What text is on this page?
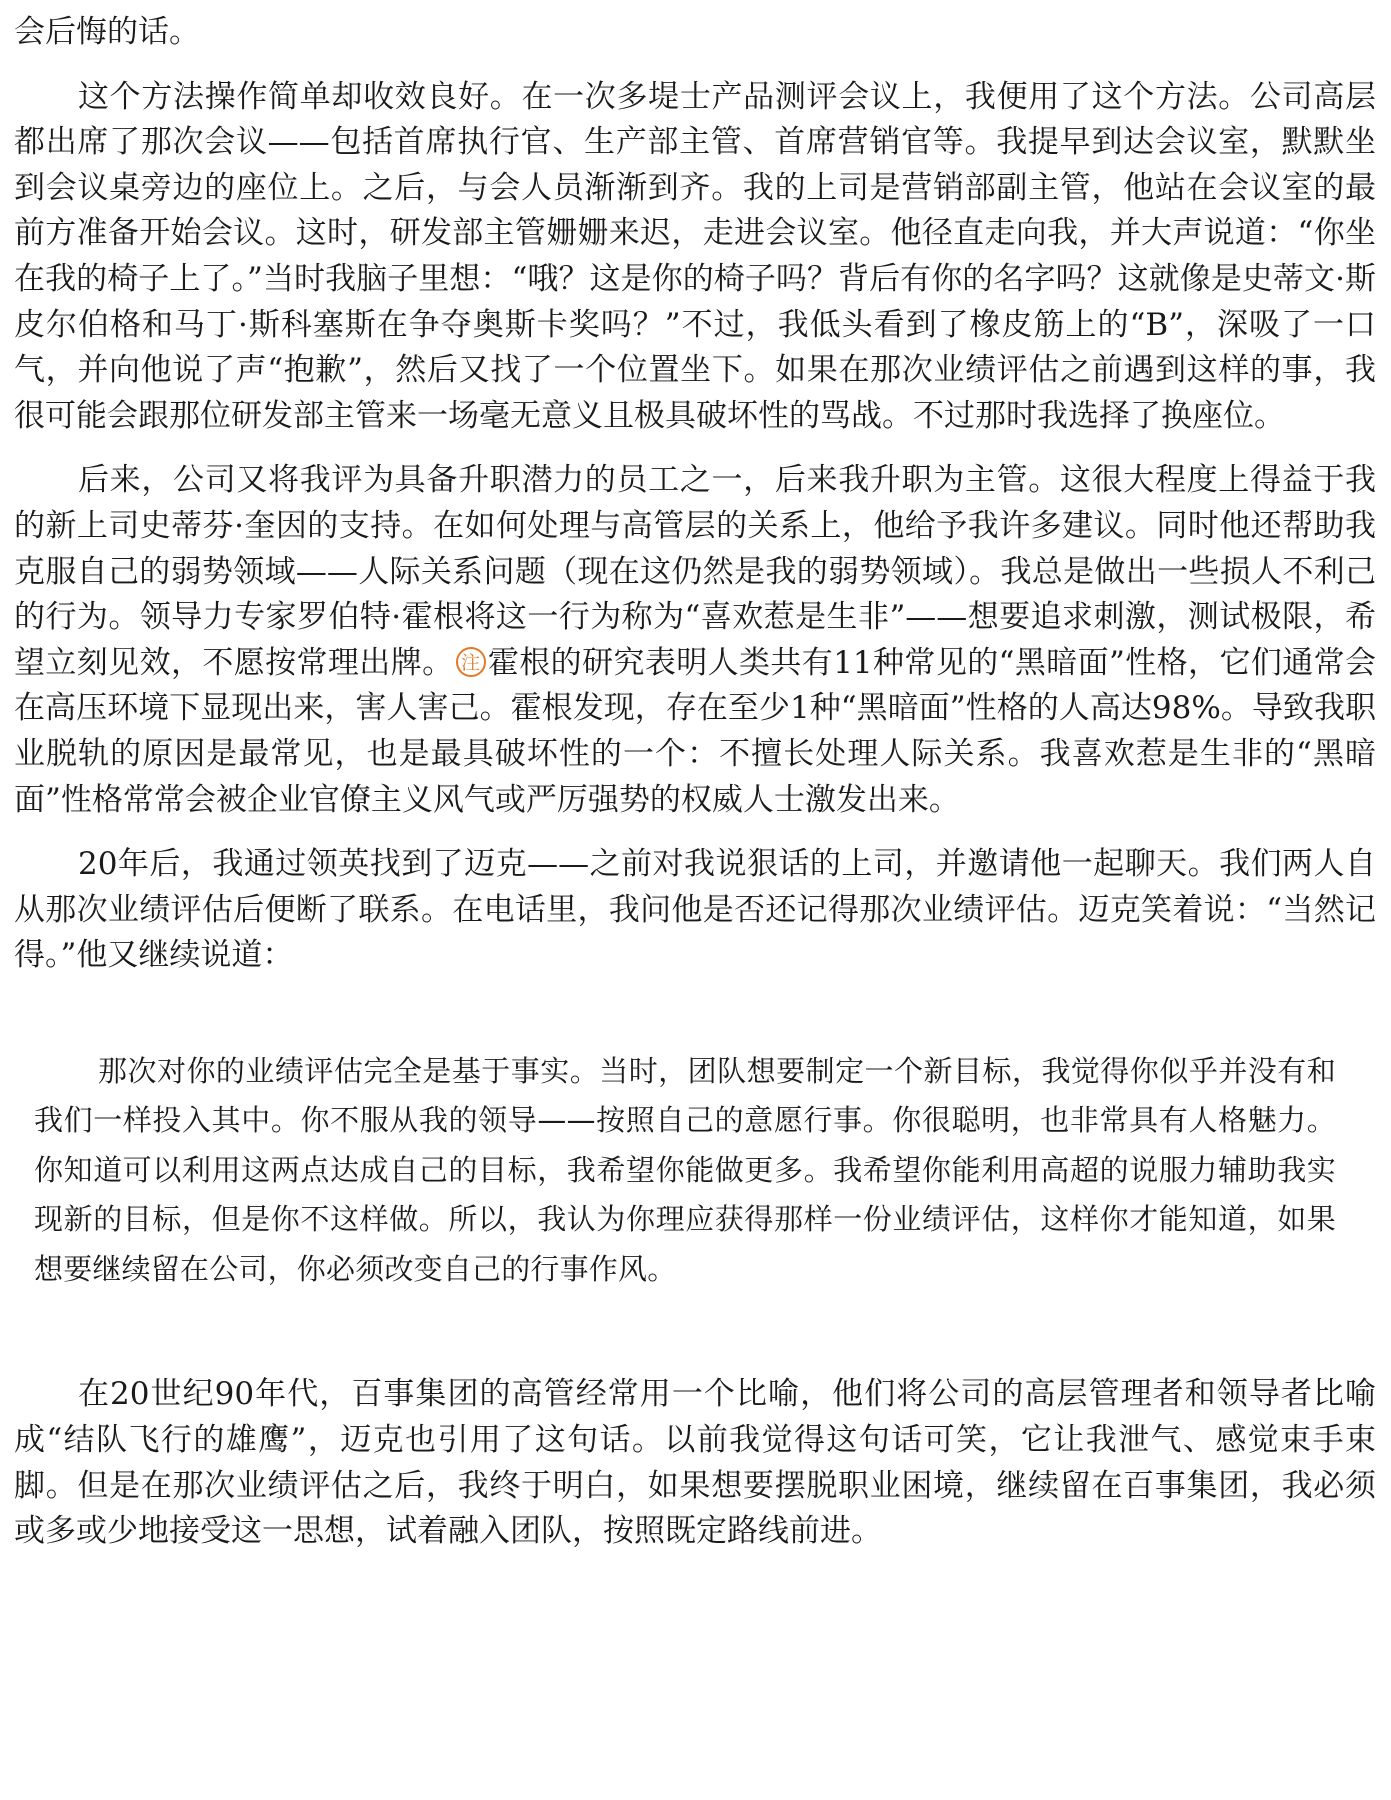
会后悔的话。

这个方法操作简单却收效良好。在一次多堤士产品测评会议上，我便用了这个方法。公司高层都出席了那次会议——包括首席执行官、生产部主管、首席营销官等。我提早到达会议室，默默坐到会议桌旁边的座位上。之后，与会人员渐渐到齐。我的上司是营销部副主管，他站在会议室的最前方准备开始会议。这时，研发部主管姗姗来迟，走进会议室。他径直走向我，并大声说道：“你坐在我的椅子上了。”当时我脑子里想：“哦？这是你的椅子吗？背后有你的名字吗？这就像是史蒂文·斯皮尔伯格和马丁·斯科塞斯在争夺奥斯卡奖吗？”不过，我低头看到了橡皮筋上的“B”，深吸了一口气，并向他说了声“抱歉”，然后又找了一个位置坐下。如果在那次业绩评估之前遇到这样的事，我很可能会跟那位研发部主管来一场毫无意义且极具破坏性的骂战。不过那时我选择了换座位。

后来，公司又将我评为具备升职潜力的员工之一，后来我升职为主管。这很大程度上得益于我的新上司史蒂芬·奎因的支持。在如何处理与高管层的关系上，他给予我许多建议。同时他还帮助我克服自己的弱势领域——人际关系问题（现在这仍然是我的弱势领域）。我总是做出一些损人不利己的行为。领导力专家罗伯特·霍根将这一行为称为“喜欢惹是生非”——想要追求刺激，测试极限，希望立刻见效，不愿按常理出牌。 注 霍根的研究表明人类共有11种常见的“黑暗面”性格，它们通常会在高压环境下显现出来，害人害己。霍根发现，存在至少1种“黑暗面”性格的人高达98%。导致我职业脱轨的原因是最常见，也是最具破坏性的一个：不擅长处理人际关系。我喜欢惹是生非的“黑暗面”性格常常会被企业官僚主义风气或严厉强势的权威人士激发出来。

20年后，我通过领英找到了迈克——之前对我说狠话的上司，并邀请他一起聊天。我们两人自从那次业绩评估后便断了联系。在电话里，我问他是否还记得那次业绩评估。迈克笑着说：“当然记得。”他又继续说道：

那次对你的业绩评估完全是基于事实。当时，团队想要制定一个新目标，我觉得你似乎并没有和我们一样投入其中。你不服从我的领导——按照自己的意愿行事。你很聪明，也非常具有人格魅力。你知道可以利用这两点达成自己的目标，我希望你能做更多。我希望你能利用高超的说服力辅助我实现新的目标，但是你不这样做。所以，我认为你理应获得那样一份业绩评估，这样你才能知道，如果想要继续留在公司，你必须改变自己的行事作风。

在20世纪90年代，百事集团的高管经常用一个比喻，他们将公司的高层管理者和领导者比喻成“结队飞行的雄鹰”，迈克也引用了这句话。以前我觉得这句话可笑，它让我泄气、感觉束手束脚。但是在那次业绩评估之后，我终于明白，如果想要摆脱职业困境，继续留在百事集团，我必须或多或少地接受这一思想，试着融入团队，按照既定路线前进。
